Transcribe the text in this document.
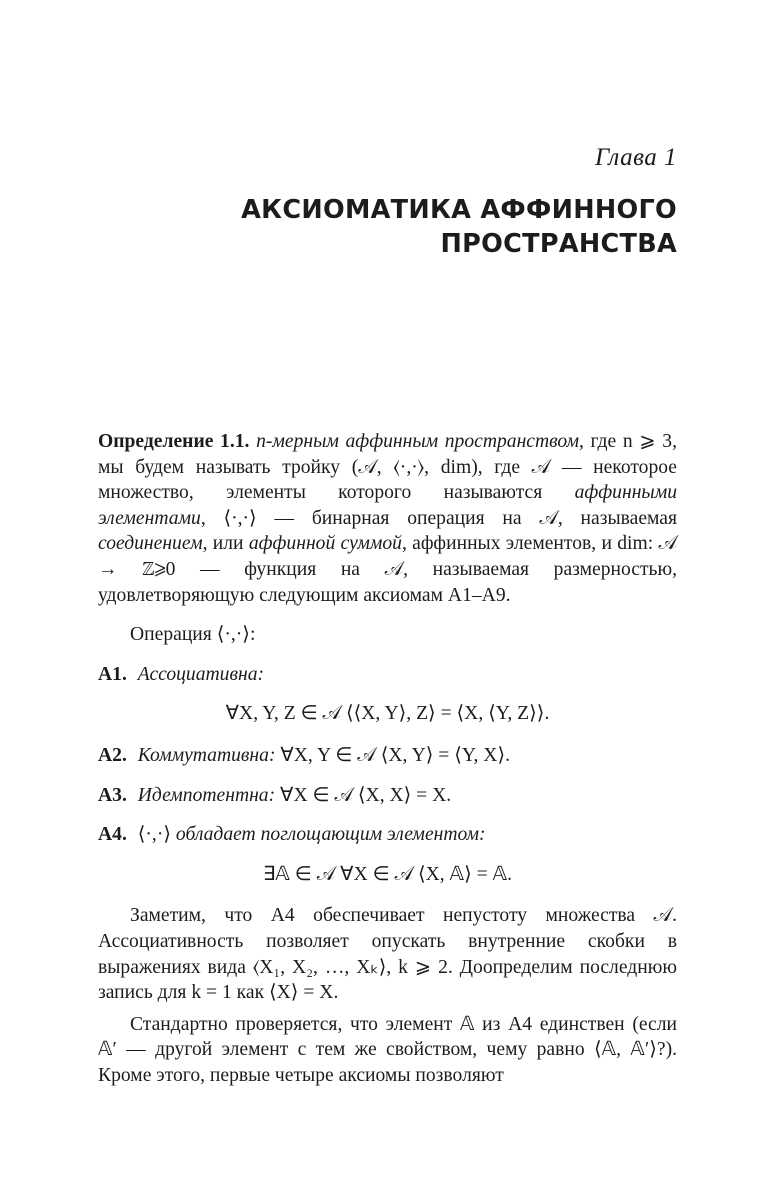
Глава 1
АКСИОМАТИКА АФФИННОГО
ПРОСТРАНСТВА

Определение 1.1. n-мерным аффинным пространством, где n ⩾ 3, мы будем называть тройку (𝒜, ⟨·,·⟩, dim), где 𝒜 — некоторое множество, элементы которого называются аффинными элементами, ⟨·,·⟩ — бинарная операция на 𝒜, называемая соединением, или аффинной суммой, аффинных элементов, и dim: 𝒜 → ℤ⩾0 — функция на 𝒜, называемая размерностью, удовлетворяющую следующим аксиомам A1–A9.

Операция ⟨·,·⟩:

A1. Ассоциативна:

∀X, Y, Z ∈ 𝒜 ⟨⟨X, Y⟩, Z⟩ = ⟨X, ⟨Y, Z⟩⟩.

A2. Коммутативна: ∀X, Y ∈ 𝒜 ⟨X, Y⟩ = ⟨Y, X⟩.

A3. Идемпотентна: ∀X ∈ 𝒜 ⟨X, X⟩ = X.

A4. ⟨·,·⟩ обладает поглощающим элементом:

∃𝔸 ∈ 𝒜 ∀X ∈ 𝒜 ⟨X, 𝔸⟩ = 𝔸.

Заметим, что A4 обеспечивает непустоту множества 𝒜. Ассоциативность позволяет опускать внутренние скобки в выражениях вида ⟨X₁, X₂, …, Xₖ⟩, k ⩾ 2. Доопределим последнюю запись для k = 1 как ⟨X⟩ = X.

Стандартно проверяется, что элемент 𝔸 из A4 единствен (если 𝔸′ — другой элемент с тем же свойством, чему равно ⟨𝔸, 𝔸′⟩?). Кроме этого, первые четыре аксиомы позволяют
